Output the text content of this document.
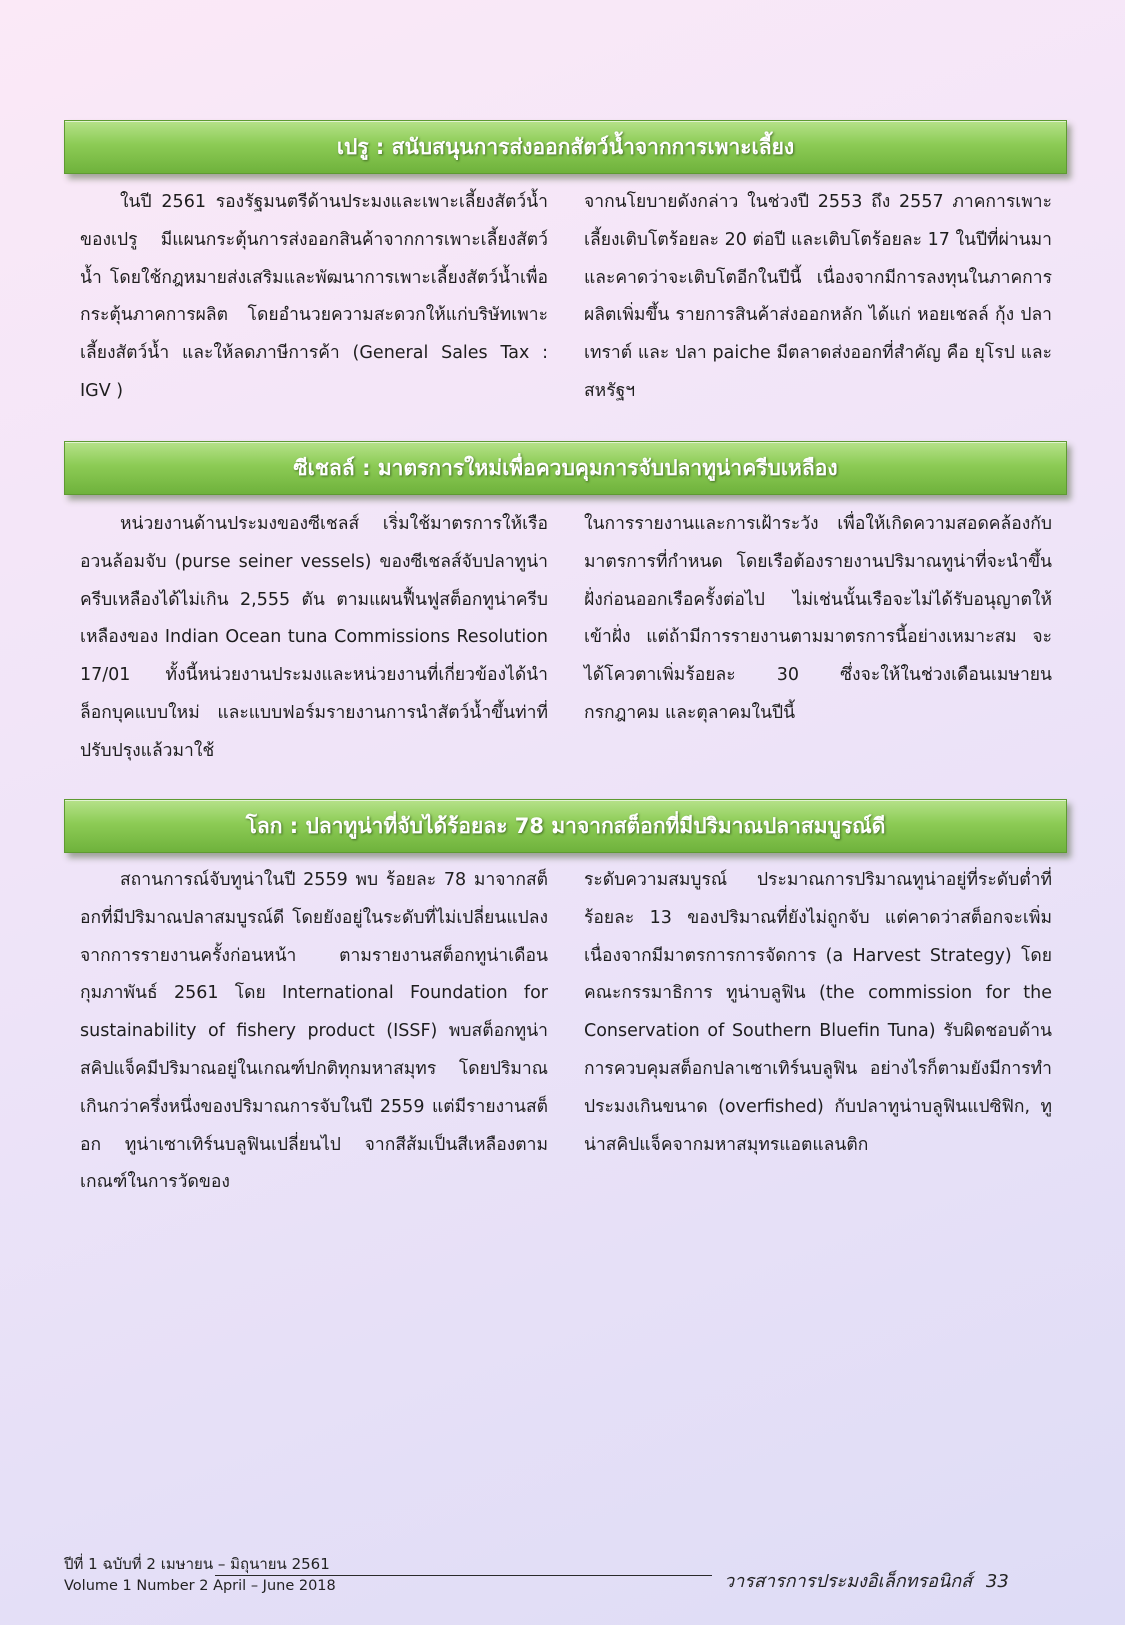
เปรู : สนับสนุนการส่งออกสัตว์น้ำจากการเพาะเลี้ยง

ในปี 2561 รองรัฐมนตรีด้านประมงและเพาะเลี้ยงสัตว์น้ำของเปรู มีแผนกระตุ้นการส่งออกสินค้าจากการเพาะเลี้ยงสัตว์น้ำ โดยใช้กฎหมายส่งเสริมและพัฒนาการเพาะเลี้ยงสัตว์น้ำเพื่อกระตุ้นภาคการผลิต โดยอำนวยความสะดวกให้แก่บริษัทเพาะเลี้ยงสัตว์น้ำ และให้ลดภาษีการค้า (General Sales Tax : IGV )

จากนโยบายดังกล่าว ในช่วงปี 2553 ถึง 2557 ภาคการเพาะเลี้ยงเติบโตร้อยละ 20 ต่อปี และเติบโตร้อยละ 17 ในปีที่ผ่านมา และคาดว่าจะเติบโตอีกในปีนี้ เนื่องจากมีการลงทุนในภาคการผลิตเพิ่มขึ้น รายการสินค้าส่งออกหลัก ได้แก่ หอยเชลล์ กุ้ง ปลาเทราต์ และ ปลา paiche มีตลาดส่งออกที่สำคัญ คือ ยุโรป และสหรัฐฯ

ซีเชลล์ : มาตรการใหม่เพื่อควบคุมการจับปลาทูน่าครีบเหลือง

หน่วยงานด้านประมงของซีเชลส์ เริ่มใช้มาตรการให้เรืออวนล้อมจับ (purse seiner vessels) ของซีเชลส์จับปลาทูน่าครีบเหลืองได้ไม่เกิน 2,555 ตัน ตามแผนฟื้นฟูสต็อกทูน่าครีบเหลืองของ Indian Ocean tuna Commissions Resolution 17/01 ทั้งนี้หน่วยงานประมงและหน่วยงานที่เกี่ยวข้องได้นำล็อกบุคแบบใหม่ และแบบฟอร์มรายงานการนำสัตว์น้ำขึ้นท่าที่ปรับปรุงแล้วมาใช้

ในการรายงานและการเฝ้าระวัง เพื่อให้เกิดความสอดคล้องกับมาตรการที่กำหนด โดยเรือต้องรายงานปริมาณทูน่าที่จะนำขึ้นฝั่งก่อนออกเรือครั้งต่อไป ไม่เช่นนั้นเรือจะไม่ได้รับอนุญาตให้เข้าฝั่ง แต่ถ้ามีการรายงานตามมาตรการนี้อย่างเหมาะสม จะได้โควตาเพิ่มร้อยละ 30 ซึ่งจะให้ในช่วงเดือนเมษายน กรกฎาคม และตุลาคมในปีนี้

โลก : ปลาทูน่าที่จับได้ร้อยละ 78 มาจากสต็อกที่มีปริมาณปลาสมบูรณ์ดี

สถานการณ์จับทูน่าในปี 2559 พบ ร้อยละ 78 มาจากสต็อกที่มีปริมาณปลาสมบูรณ์ดี โดยยังอยู่ในระดับที่ไม่เปลี่ยนแปลงจากการรายงานครั้งก่อนหน้า ตามรายงานสต็อกทูน่าเดือนกุมภาพันธ์ 2561 โดย International Foundation for sustainability of fishery product (ISSF) พบสต็อกทูน่าสคิปแจ็คมีปริมาณอยู่ในเกณฑ์ปกติทุกมหาสมุทร โดยปริมาณเกินกว่าครึ่งหนึ่งของปริมาณการจับในปี 2559 แต่มีรายงานสต็อก ทูน่าเซาเทิร์นบลูฟินเปลี่ยนไป จากสีส้มเป็นสีเหลืองตามเกณฑ์ในการวัดของ

ระดับความสมบูรณ์ ประมาณการปริมาณทูน่าอยู่ที่ระดับต่ำที่ร้อยละ 13 ของปริมาณที่ยังไม่ถูกจับ แต่คาดว่าสต็อกจะเพิ่ม เนื่องจากมีมาตรการการจัดการ (a Harvest Strategy) โดยคณะกรรมาธิการ ทูน่าบลูฟิน (the commission for the Conservation of Southern Bluefin Tuna) รับผิดชอบด้านการควบคุมสต็อกปลาเซาเทิร์นบลูฟิน อย่างไรก็ตามยังมีการทำประมงเกินขนาด (overfished) กับปลาทูน่าบลูฟินแปซิฟิก, ทูน่าสคิปแจ็คจากมหาสมุทรแอตแลนติก

ปีที่ 1 ฉบับที่ 2 เมษายน – มิถุนายน 2561
Volume 1 Number 2 April – June 2018	วารสารการประมงอิเล็กทรอนิกส์ 33
